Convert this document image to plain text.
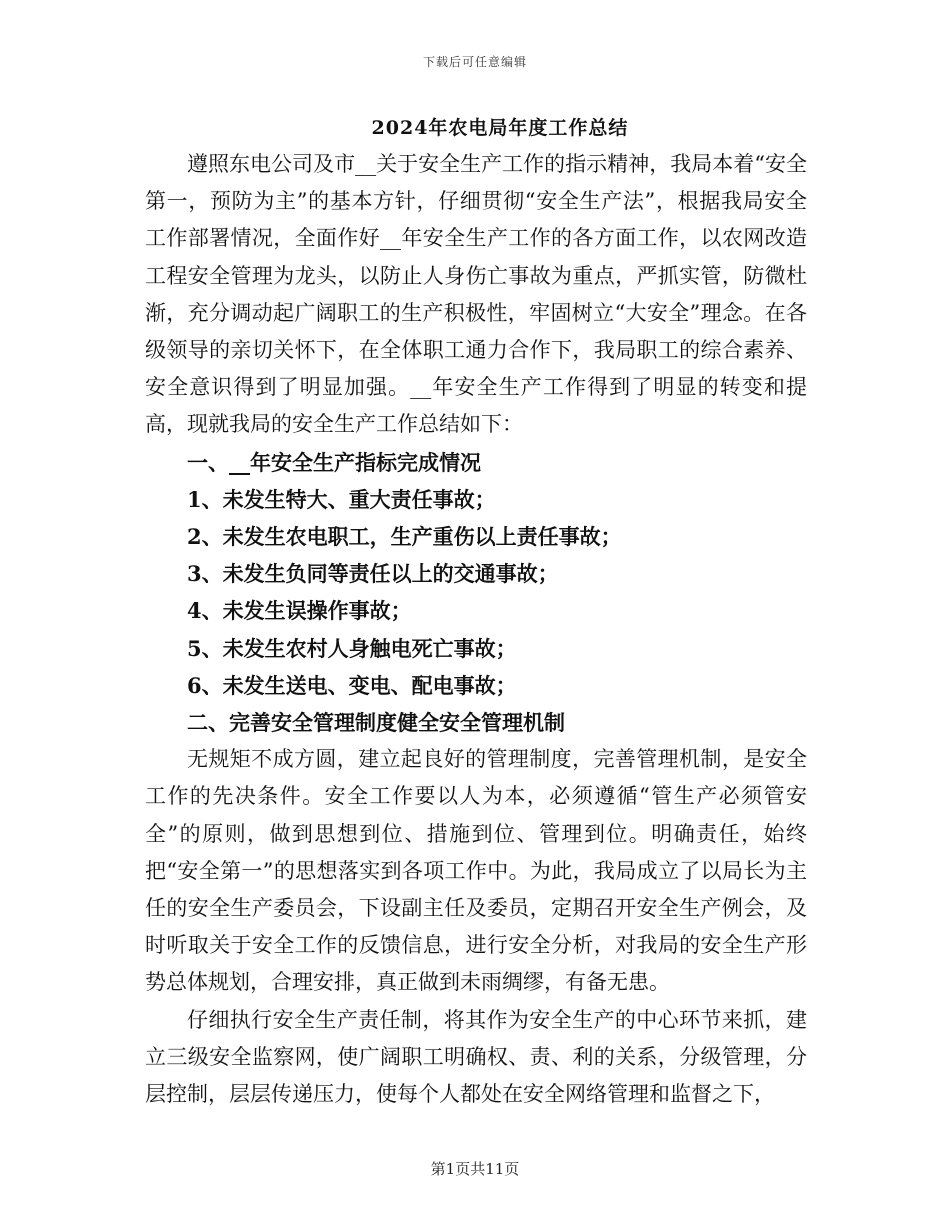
下载后可任意编辑
2024年农电局年度工作总结

遵照东电公司及市__关于安全生产工作的指示精神，我局本着“安全第一，预防为主”的基本方针，仔细贯彻“安全生产法”，根据我局安全工作部署情况，全面作好__年安全生产工作的各方面工作，以农网改造工程安全管理为龙头，以防止人身伤亡事故为重点，严抓实管，防微杜渐，充分调动起广阔职工的生产积极性，牢固树立“大安全”理念。在各级领导的亲切关怀下，在全体职工通力合作下，我局职工的综合素养、安全意识得到了明显加强。__年安全生产工作得到了明显的转变和提高，现就我局的安全生产工作总结如下：

一、__年安全生产指标完成情况

1、未发生特大、重大责任事故；

2、未发生农电职工，生产重伤以上责任事故；

3、未发生负同等责任以上的交通事故；

4、未发生误操作事故；

5、未发生农村人身触电死亡事故；

6、未发生送电、变电、配电事故；

二、完善安全管理制度健全安全管理机制

无规矩不成方圆，建立起良好的管理制度，完善管理机制，是安全工作的先决条件。安全工作要以人为本，必须遵循“管生产必须管安全”的原则，做到思想到位、措施到位、管理到位。明确责任，始终把“安全第一”的思想落实到各项工作中。为此，我局成立了以局长为主任的安全生产委员会，下设副主任及委员，定期召开安全生产例会，及时听取关于安全工作的反馈信息，进行安全分析，对我局的安全生产形势总体规划，合理安排，真正做到未雨绸缪，有备无患。

仔细执行安全生产责任制，将其作为安全生产的中心环节来抓，建立三级安全监察网，使广阔职工明确权、责、利的关系，分级管理，分层控制，层层传递压力，使每个人都处在安全网络管理和监督之下，

第1页共11页
